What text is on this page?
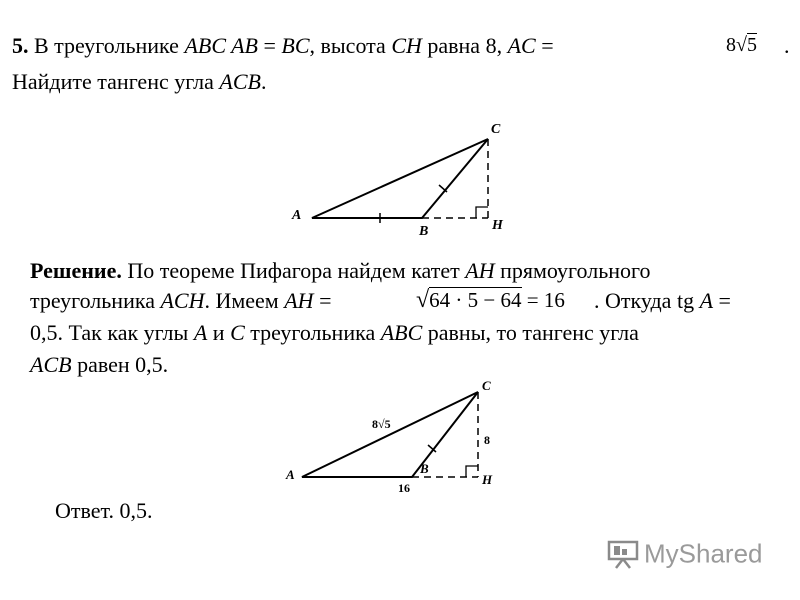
5. В треугольнике ABC AB = BC, высота CH равна 8, AC =	8√5 .
Найдите тангенс угла ACB.
A
B
C
H
Решение. По теореме Пифагора найдем катет AH прямоугольного
треугольника ACH. Имеем AH =	√64 · 5 − 64 = 16 . Откуда tg A =
0,5. Так как углы A и C треугольника ABC равны, то тангенс угла
ACB равен 0,5.
A	B
C
H
8√5
8
16
Ответ. 0,5.
MyShared
